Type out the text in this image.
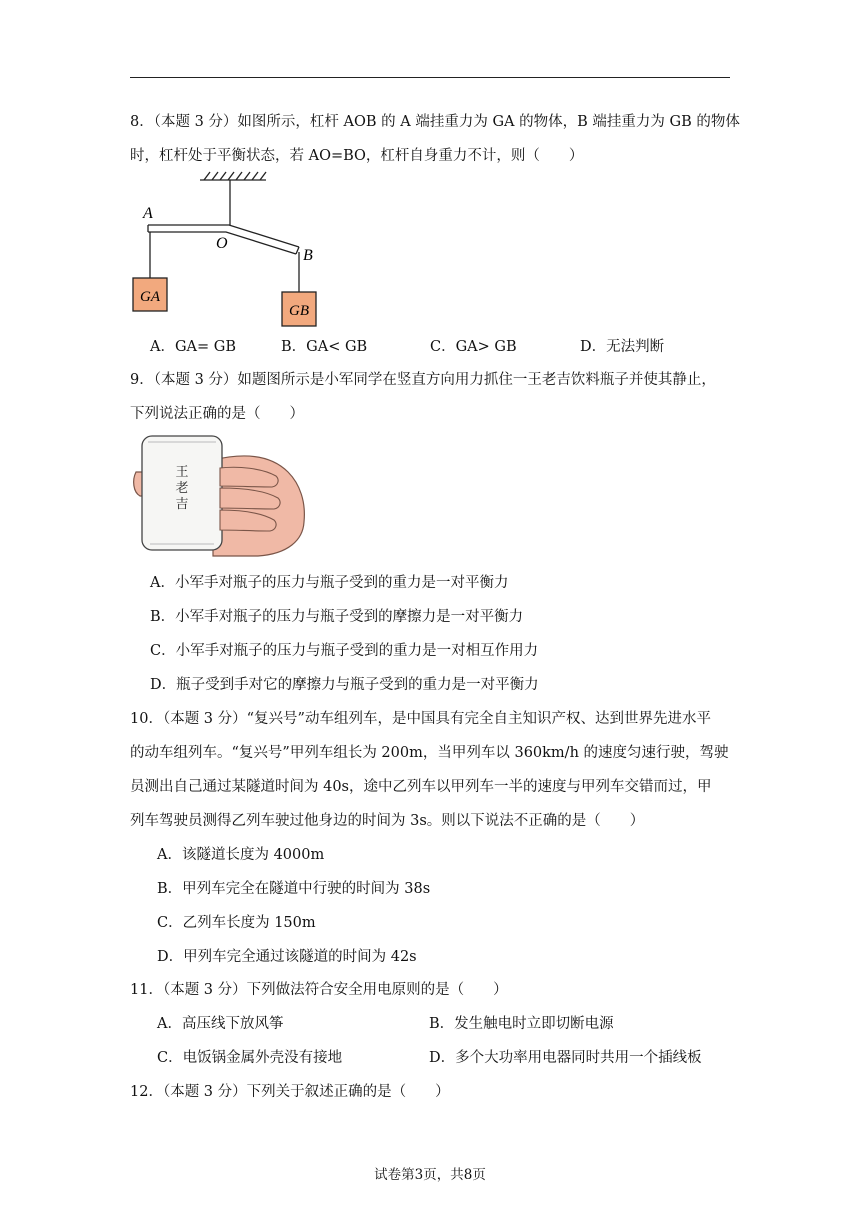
8．（本题 3 分）如图所示，杠杆 AOB 的 A 端挂重力为 GA 的物体，B 端挂重力为 GB 的物体
时，杠杆处于平衡状态，若 AO=BO，杠杆自身重力不计，则（　　）
A
O
B
GA
GB
A．GA= GB	B．GA< GB	C．GA> GB	D．无法判断
9．（本题 3 分）如题图所示是小军同学在竖直方向用力抓住一王老吉饮料瓶子并使其静止，
下列说法正确的是（　　）
王
老
吉
A．小军手对瓶子的压力与瓶子受到的重力是一对平衡力
B．小军手对瓶子的压力与瓶子受到的摩擦力是一对平衡力
C．小军手对瓶子的压力与瓶子受到的重力是一对相互作用力
D．瓶子受到手对它的摩擦力与瓶子受到的重力是一对平衡力
10．（本题 3 分）“复兴号”动车组列车，是中国具有完全自主知识产权、达到世界先进水平
的动车组列车。“复兴号”甲列车组长为 200m，当甲列车以 360km/h 的速度匀速行驶，驾驶
员测出自己通过某隧道时间为 40s，途中乙列车以甲列车一半的速度与甲列车交错而过，甲
列车驾驶员测得乙列车驶过他身边的时间为 3s。则以下说法不正确的是（　　）
A．该隧道长度为 4000m
B．甲列车完全在隧道中行驶的时间为 38s
C．乙列车长度为 150m
D．甲列车完全通过该隧道的时间为 42s
11．（本题 3 分）下列做法符合安全用电原则的是（　　）
A．高压线下放风筝	B．发生触电时立即切断电源
C．电饭锅金属外壳没有接地	D．多个大功率用电器同时共用一个插线板
12．（本题 3 分）下列关于叙述正确的是（　　）
试卷第3页，共8页
